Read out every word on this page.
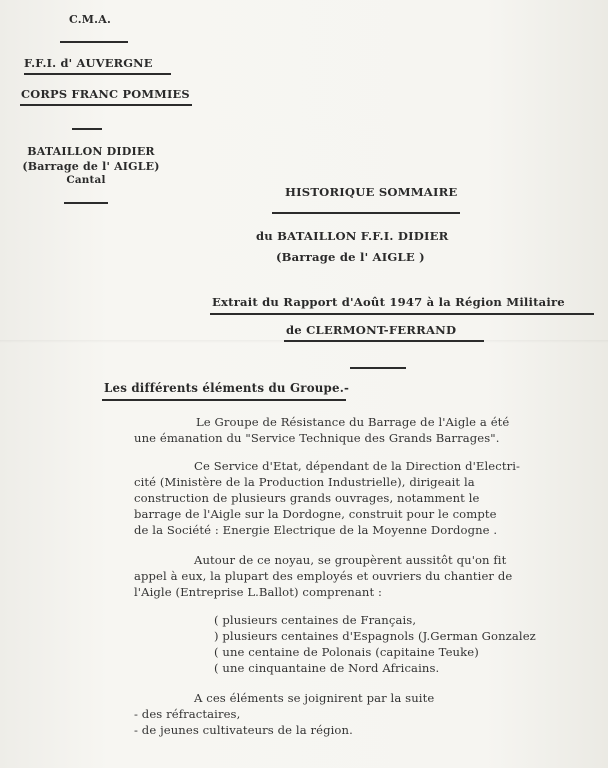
C.M.A.
F.F.I. d' AUVERGNE
CORPS FRANC POMMIES
BATAILLON DIDIER
(Barrage de l' AIGLE)
Cantal
HISTORIQUE SOMMAIRE
du BATAILLON F.F.I. DIDIER
(Barrage de l' AIGLE )
Extrait du Rapport d'Août 1947 à la Région Militaire
de CLERMONT-FERRAND
Les différents éléments du Groupe.-
Le Groupe de Résistance du Barrage de l'Aigle a été
une émanation du "Service Technique des Grands Barrages".
Ce Service d'Etat, dépendant de la Direction d'Electri-
cité (Ministère de la Production Industrielle), dirigeait la
construction de plusieurs grands ouvrages, notamment le
barrage de l'Aigle sur la Dordogne, construit pour le compte
de la Société : Energie Electrique de la Moyenne Dordogne .
Autour de ce noyau, se groupèrent aussitôt qu'on fit
appel à eux, la plupart des employés et ouvriers du chantier de
l'Aigle (Entreprise L.Ballot) comprenant :
( plusieurs centaines de Français,
) plusieurs centaines d'Espagnols (J.German Gonzalez
( une centaine de Polonais (capitaine Teuke)
( une cinquantaine de Nord Africains.
A ces éléments se joignirent par la suite
- des réfractaires,
- de jeunes cultivateurs de la région.
